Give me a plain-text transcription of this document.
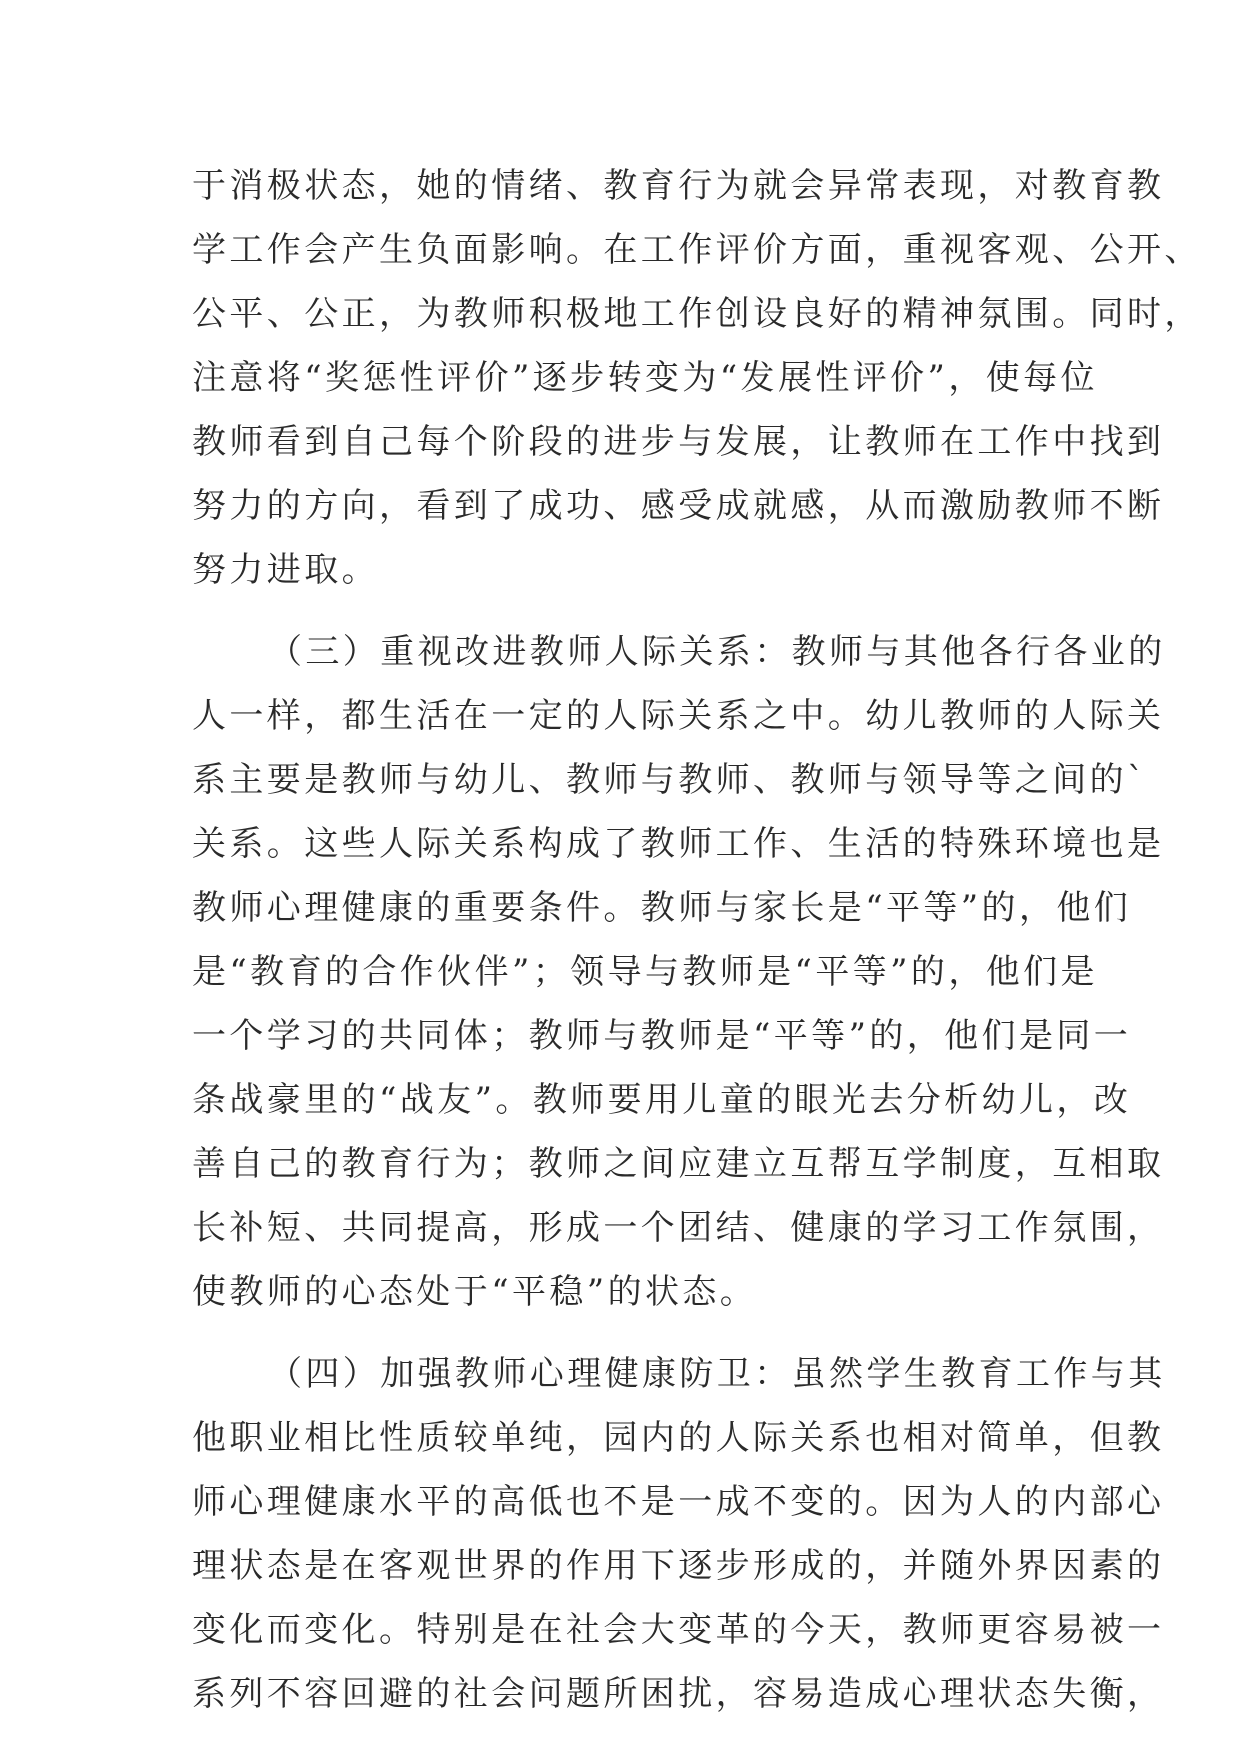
于消极状态，她的情绪、教育行为就会异常表现，对教育教
学工作会产生负面影响。在工作评价方面，重视客观、公开、
公平、公正，为教师积极地工作创设良好的精神氛围。同时，
注意将“奖惩性评价”逐步转变为“发展性评价”，使每位
教师看到自己每个阶段的进步与发展，让教师在工作中找到
努力的方向，看到了成功、感受成就感，从而激励教师不断
努力进取。
（三）重视改进教师人际关系：教师与其他各行各业的
人一样，都生活在一定的人际关系之中。幼儿教师的人际关
系主要是教师与幼儿、教师与教师、教师与领导等之间的`
关系。这些人际关系构成了教师工作、生活的特殊环境也是
教师心理健康的重要条件。教师与家长是“平等”的，他们
是“教育的合作伙伴”；领导与教师是“平等”的，他们是
一个学习的共同体；教师与教师是“平等”的，他们是同一
条战豪里的“战友”。教师要用儿童的眼光去分析幼儿，改
善自己的教育行为；教师之间应建立互帮互学制度，互相取
长补短、共同提高，形成一个团结、健康的学习工作氛围，
使教师的心态处于“平稳”的状态。
（四）加强教师心理健康防卫：虽然学生教育工作与其
他职业相比性质较单纯，园内的人际关系也相对简单，但教
师心理健康水平的高低也不是一成不变的。因为人的内部心
理状态是在客观世界的作用下逐步形成的，并随外界因素的
变化而变化。特别是在社会大变革的今天，教师更容易被一
系列不容回避的社会问题所困扰，容易造成心理状态失衡，
